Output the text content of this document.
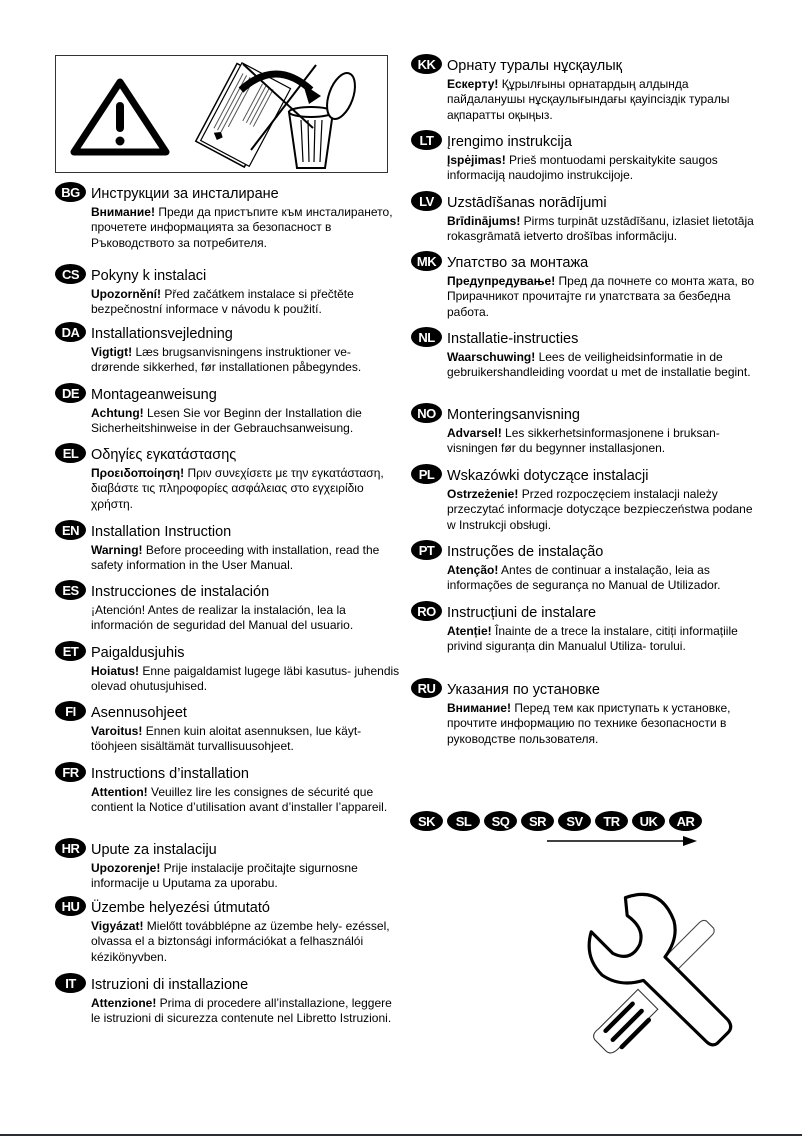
BG Инструкции за инсталиране
Внимание! Преди да пристъпите към инсталирането, прочетете информацията за безопасност в Ръководството за потребителя.
CS Pokyny k instalaci
Upozornění! Před začátkem instalace si přečtěte bezpečnostní informace v návodu k použití.
DA Installationsvejledning
Vigtigt! Læs brugsanvisningens instruktioner ve- drørende sikkerhed, før installationen påbegyndes.
DE Montageanweisung
Achtung! Lesen Sie vor Beginn der Installation die Sicherheitshinweise in der Gebrauchsanweisung.
EL Οδηγίες εγκατάστασης
Προειδοποίηση! Πριν συνεχίσετε με την εγκατάσταση, διαβάστε τις πληροφορίες ασφάλειας στο εγχειρίδιο χρήστη.
EN Installation Instruction
Warning! Before proceeding with installation, read the safety information in the User Manual.
ES Instrucciones de instalación
¡Atención! Antes de realizar la instalación, lea la información de seguridad del Manual del usuario.
ET Paigaldusjuhis
Hoiatus! Enne paigaldamist lugege läbi kasutus- juhendis olevad ohutusjuhised.
FI	Asennusohjeet
Varoitus! Ennen kuin aloitat asennuksen, lue käyt- töohjeen sisältämät turvallisuusohjeet.
FR Instructions d’installation
Attention! Veuillez lire les consignes de sécurité que contient la Notice d’utilisation avant d’installer l’appareil.
HR Upute za instalaciju
Upozorenje! Prije instalacije pročitajte sigurnosne informacije u Uputama za uporabu.
HU Üzembe helyezési útmutató
Vigyázat! Mielőtt továbblépne az üzembe hely- ezéssel, olvassa el a biztonsági információkat a felhasználói kézikönyvben.
IT	Istruzioni di installazione
Attenzione! Prima di procedere all’installazione, leggere le istruzioni di sicurezza contenute nel Libretto Istruzioni.
KK Орнату туралы нұсқаулық
Ескерту! Құрылғыны орнатардың алдында пайдаланушы нұсқаулығындағы қауіпсіздік туралы ақпаратты оқыңыз.
LT Įrengimo instrukcija
Įspėjimas! Prieš montuodami perskaitykite saugos informaciją naudojimo instrukcijoje.
LV Uzstādīšanas norādījumi
Brīdinājums! Pirms turpināt uzstādīšanu, izlasiet lietotāja rokasgrāmatā ietverto drošības informāciju.
MK Упатство за монтажа
Предупредување! Пред да почнете со монта жата, во Прирачникот прочитајте ги упатствата за безбедна работа.
NL Installatie-instructies
Waarschuwing! Lees de veiligheidsinformatie in de gebruikershandleiding voordat u met de installatie begint.
NO Monteringsanvisning
Advarsel! Les sikkerhetsinformasjonene i bruksan- visningen før du begynner installasjonen.
PL Wskazówki dotyczące instalacji
Ostrzeżenie! Przed rozpoczęciem instalacji należy przeczytać informacje dotyczące bezpieczeństwa podane w Instrukcji obsługi.
PT Instruções de instalação
Atenção! Antes de continuar a instalação, leia as informações de segurança no Manual de Utilizador.
RO Instrucțiuni de instalare
Atenție! Înainte de a trece la instalare, citiți informațiile privind siguranța din Manualul Utiliza- torului.
RU Указания по установке
Внимание! Перед тем как приступать к установке, прочтите информацию по технике безопасности в руководстве пользователя.
SK	SL	SQ	SR	SV	TR	UK	AR
